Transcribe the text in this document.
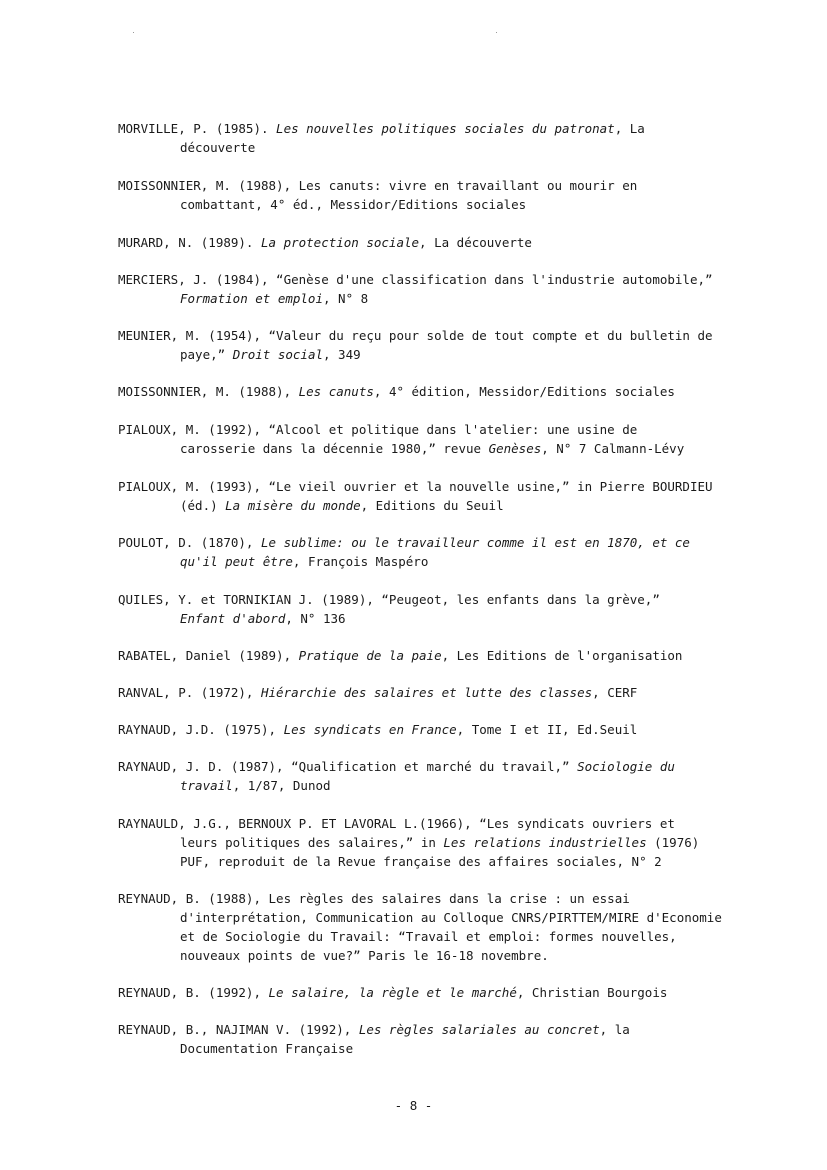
MORVILLE, P. (1985). Les nouvelles politiques sociales du patronat, La
découverte
MOISSONNIER, M. (1988), Les canuts: vivre en travaillant ou mourir en
combattant, 4° éd., Messidor/Editions sociales
MURARD, N. (1989). La protection sociale, La découverte
MERCIERS, J. (1984), “Genèse d'une classification dans l'industrie automobile,”
Formation et emploi, N° 8
MEUNIER, M. (1954), “Valeur du reçu pour solde de tout compte et du bulletin de
paye,” Droit social, 349
MOISSONNIER, M. (1988), Les canuts, 4° édition, Messidor/Editions sociales
PIALOUX, M. (1992), “Alcool et politique dans l'atelier: une usine de
carosserie dans la décennie 1980,” revue Genèses, N° 7 Calmann-Lévy
PIALOUX, M. (1993), “Le vieil ouvrier et la nouvelle usine,” in Pierre BOURDIEU
(éd.) La misère du monde, Editions du Seuil
POULOT, D. (1870), Le sublime: ou le travailleur comme il est en 1870, et ce
qu'il peut être, François Maspéro
QUILES, Y. et TORNIKIAN J. (1989), “Peugeot, les enfants dans la grève,”
Enfant d'abord, N° 136
RABATEL, Daniel (1989), Pratique de la paie, Les Editions de l'organisation
RANVAL, P. (1972), Hiérarchie des salaires et lutte des classes, CERF
RAYNAUD, J.D. (1975), Les syndicats en France, Tome I et II, Ed.Seuil
RAYNAUD, J. D. (1987), “Qualification et marché du travail,” Sociologie du
travail, 1/87, Dunod
RAYNAULD, J.G., BERNOUX P. ET LAVORAL L.(1966), “Les syndicats ouvriers et
leurs politiques des salaires,” in Les relations industrielles (1976)
PUF, reproduit de la Revue française des affaires sociales, N° 2
REYNAUD, B. (1988), Les règles des salaires dans la crise : un essai
d'interprétation, Communication au Colloque CNRS/PIRTTEM/MIRE d'Economie
et de Sociologie du Travail: “Travail et emploi: formes nouvelles,
nouveaux points de vue?” Paris le 16-18 novembre.
REYNAUD, B. (1992), Le salaire, la règle et le marché, Christian Bourgois
REYNAUD, B., NAJIMAN V. (1992), Les règles salariales au concret, la
Documentation Française
- 8 -
